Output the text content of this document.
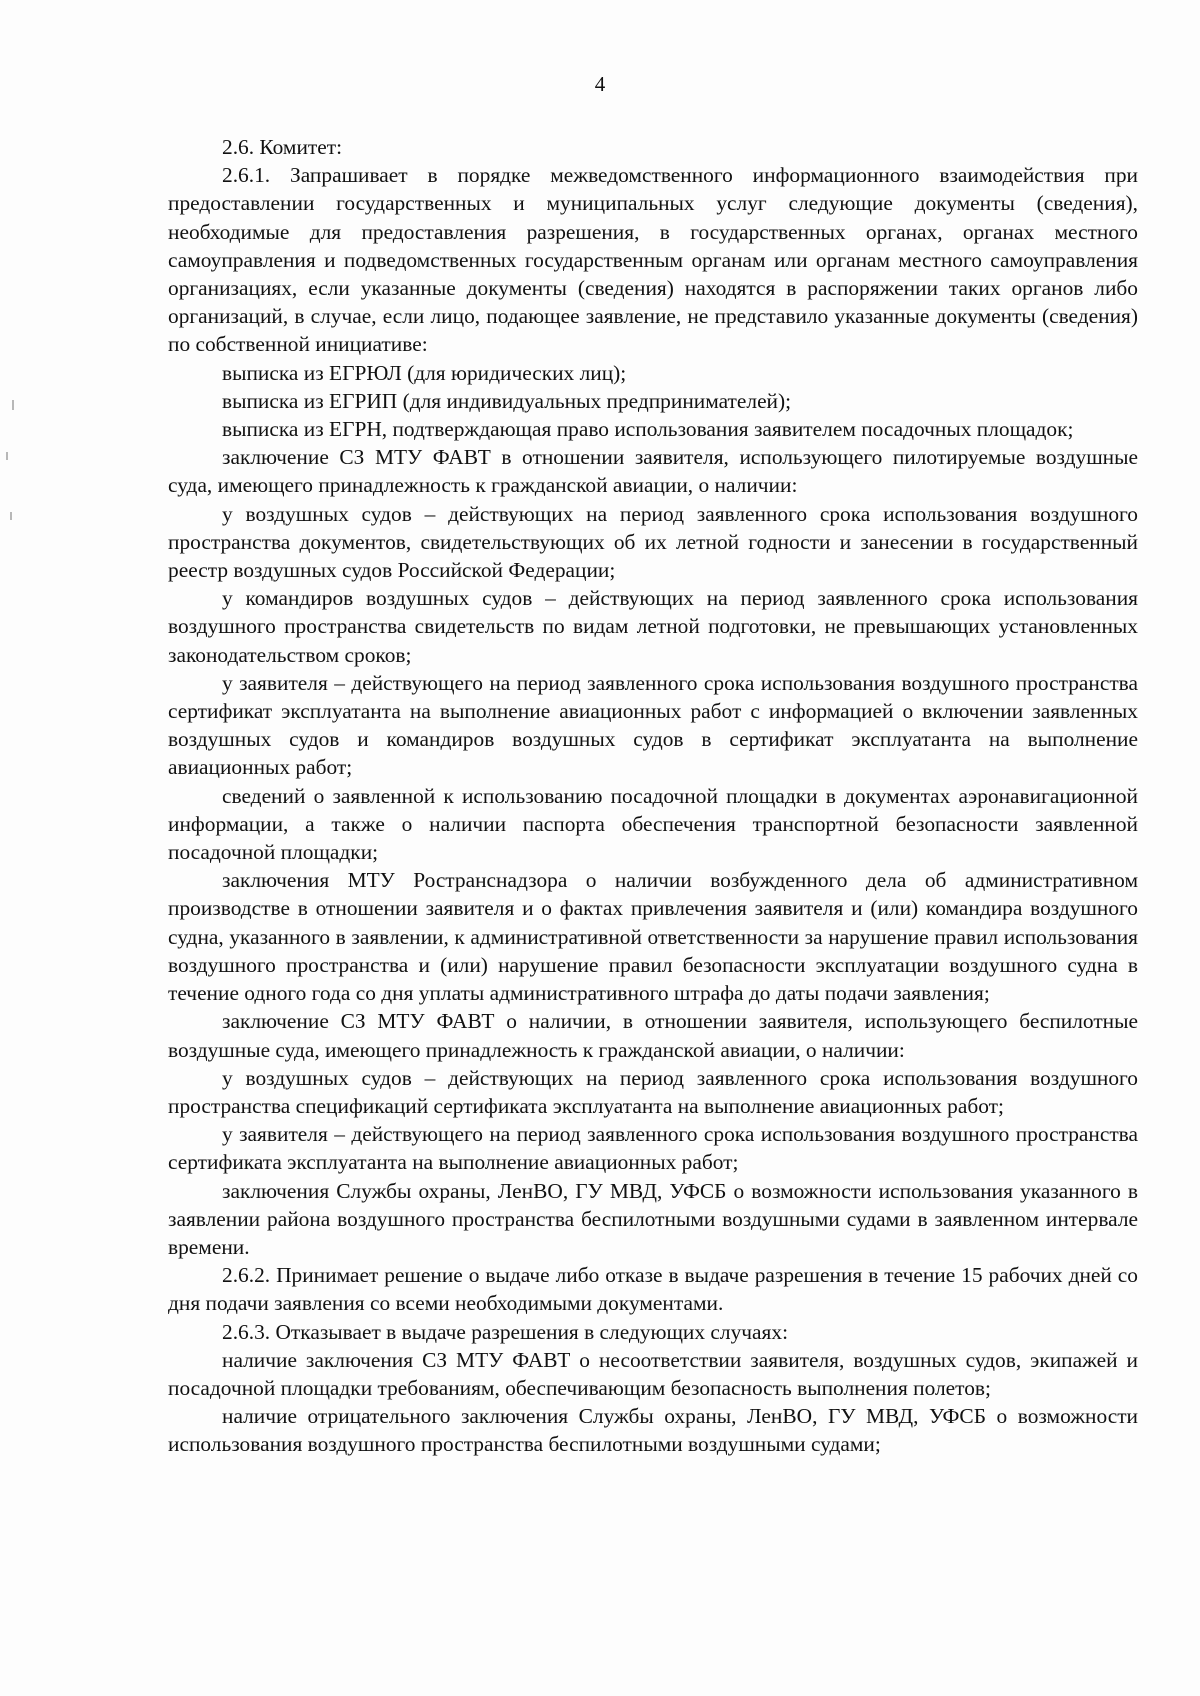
4

2.6. Комитет:

2.6.1. Запрашивает в порядке межведомственного информационного взаимодействия при предоставлении государственных и муниципальных услуг следующие документы (сведения), необходимые для предоставления разрешения, в государственных органах, органах местного самоуправления и подведомственных государственным органам или органам местного самоуправления организациях, если указанные документы (сведения) находятся в распоряжении таких органов либо организаций, в случае, если лицо, подающее заявление, не представило указанные документы (сведения) по собственной инициативе:

выписка из ЕГРЮЛ (для юридических лиц);

выписка из ЕГРИП (для индивидуальных предпринимателей);

выписка из ЕГРН, подтверждающая право использования заявителем посадочных площадок;

заключение СЗ МТУ ФАВТ в отношении заявителя, использующего пилотируемые воздушные суда, имеющего принадлежность к гражданской авиации, о наличии:

у воздушных судов – действующих на период заявленного срока использования воздушного пространства документов, свидетельствующих об их летной годности и занесении в государственный реестр воздушных судов Российской Федерации;

у командиров воздушных судов – действующих на период заявленного срока использования воздушного пространства свидетельств по видам летной подготовки, не превышающих установленных законодательством сроков;

у заявителя – действующего на период заявленного срока использования воздушного пространства сертификат эксплуатанта на выполнение авиационных работ с информацией о включении заявленных воздушных судов и командиров воздушных судов в сертификат эксплуатанта на выполнение авиационных работ;

сведений о заявленной к использованию посадочной площадки в документах аэронавигационной информации, а также о наличии паспорта обеспечения транспортной безопасности заявленной посадочной площадки;

заключения МТУ Ространснадзора о наличии возбужденного дела об административном производстве в отношении заявителя и о фактах привлечения заявителя и (или) командира воздушного судна, указанного в заявлении, к административной ответственности за нарушение правил использования воздушного пространства и (или) нарушение правил безопасности эксплуатации воздушного судна в течение одного года со дня уплаты административного штрафа до даты подачи заявления;

заключение СЗ МТУ ФАВТ о наличии, в отношении заявителя, использующего беспилотные воздушные суда, имеющего принадлежность к гражданской авиации, о наличии:

у воздушных судов – действующих на период заявленного срока использования воздушного пространства спецификаций сертификата эксплуатанта на выполнение авиационных работ;

у заявителя – действующего на период заявленного срока использования воздушного пространства сертификата эксплуатанта на выполнение авиационных работ;

заключения Службы охраны, ЛенВО, ГУ МВД, УФСБ о возможности использования указанного в заявлении района воздушного пространства беспилотными воздушными судами в заявленном интервале времени.

2.6.2. Принимает решение о выдаче либо отказе в выдаче разрешения в течение 15 рабочих дней со дня подачи заявления со всеми необходимыми документами.

2.6.3. Отказывает в выдаче разрешения в следующих случаях:

наличие заключения СЗ МТУ ФАВТ о несоответствии заявителя, воздушных судов, экипажей и посадочной площадки требованиям, обеспечивающим безопасность выполнения полетов;

наличие отрицательного заключения Службы охраны, ЛенВО, ГУ МВД, УФСБ о возможности использования воздушного пространства беспилотными воздушными судами;
